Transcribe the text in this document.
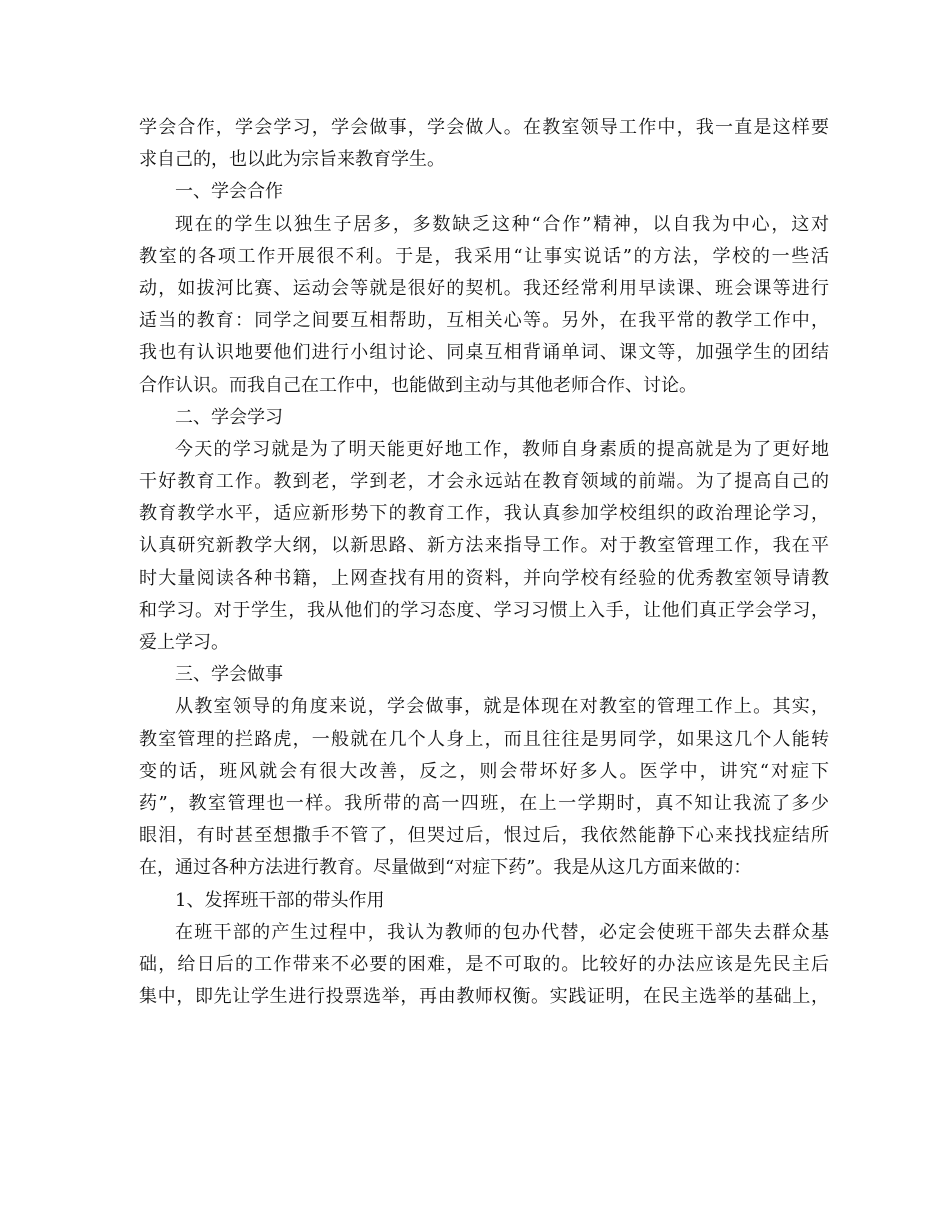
学会合作，学会学习，学会做事，学会做人。在教室领导工作中，我一直是这样要
求自己的，也以此为宗旨来教育学生。
一、学会合作
现在的学生以独生子居多，多数缺乏这种“合作”精神，以自我为中心，这对
教室的各项工作开展很不利。于是，我采用“让事实说话”的方法，学校的一些活
动，如拔河比赛、运动会等就是很好的契机。我还经常利用早读课、班会课等进行
适当的教育：同学之间要互相帮助，互相关心等。另外，在我平常的教学工作中，
我也有认识地要他们进行小组讨论、同桌互相背诵单词、课文等，加强学生的团结
合作认识。而我自己在工作中，也能做到主动与其他老师合作、讨论。
二、学会学习
今天的学习就是为了明天能更好地工作，教师自身素质的提高就是为了更好地
干好教育工作。教到老，学到老，才会永远站在教育领域的前端。为了提高自己的
教育教学水平，适应新形势下的教育工作，我认真参加学校组织的政治理论学习，
认真研究新教学大纲，以新思路、新方法来指导工作。对于教室管理工作，我在平
时大量阅读各种书籍，上网查找有用的资料，并向学校有经验的优秀教室领导请教
和学习。对于学生，我从他们的学习态度、学习习惯上入手，让他们真正学会学习，
爱上学习。
三、学会做事
从教室领导的角度来说，学会做事，就是体现在对教室的管理工作上。其实，
教室管理的拦路虎，一般就在几个人身上，而且往往是男同学，如果这几个人能转
变的话，班风就会有很大改善，反之，则会带坏好多人。医学中，讲究“对症下
药”，教室管理也一样。我所带的高一四班，在上一学期时，真不知让我流了多少
眼泪，有时甚至想撒手不管了，但哭过后，恨过后，我依然能静下心来找找症结所
在，通过各种方法进行教育。尽量做到“对症下药”。我是从这几方面来做的：
1、发挥班干部的带头作用
在班干部的产生过程中，我认为教师的包办代替，必定会使班干部失去群众基
础，给日后的工作带来不必要的困难，是不可取的。比较好的办法应该是先民主后
集中，即先让学生进行投票选举，再由教师权衡。实践证明，在民主选举的基础上，
